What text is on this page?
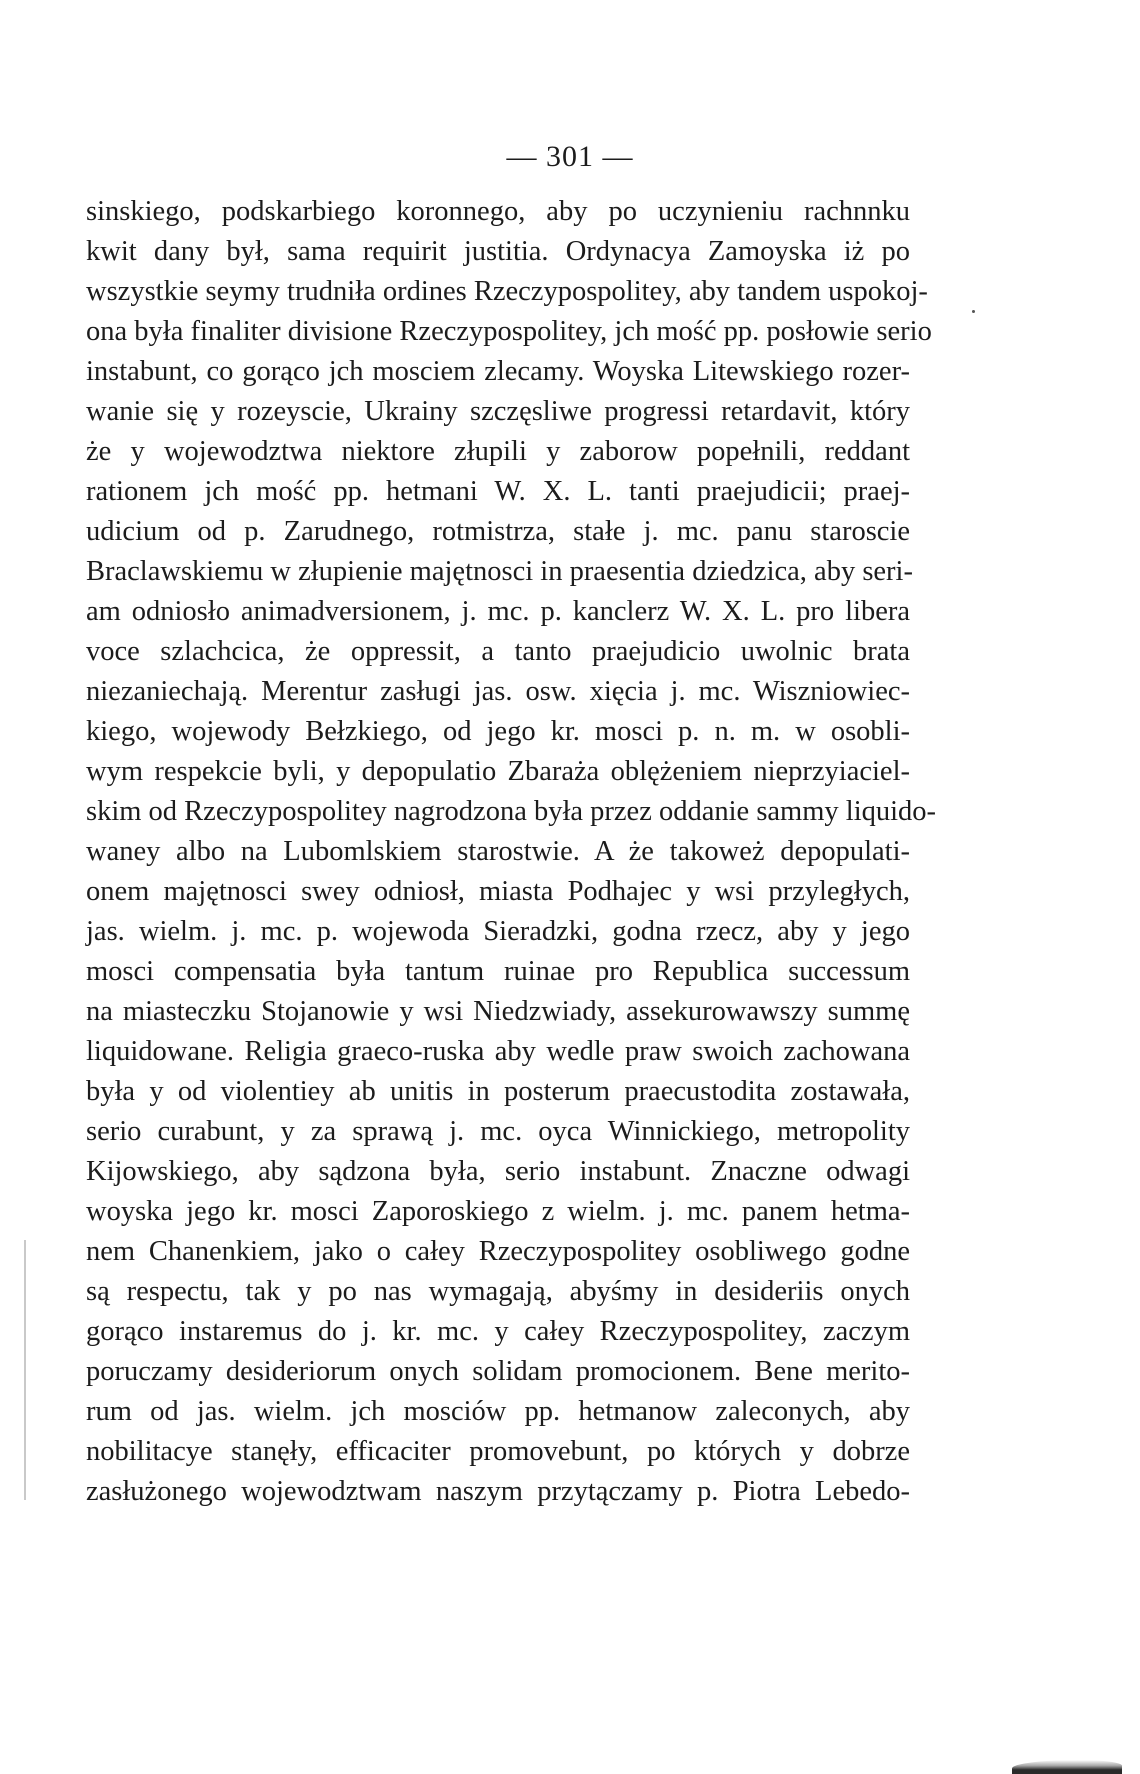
— 301 —
sinskiego, podskarbiego koronnego, aby po uczynieniu rachnnku
kwit dany był, sama requirit justitia. Ordynacya Zamoyska iż po
wszystkie seymy trudniła ordines Rzeczypospolitey, aby tandem uspokoj-
ona była finaliter divisione Rzeczypospolitey, jch mość pp. posłowie serio
instabunt, co gorąco jch mosciem zlecamy. Woyska Litewskiego rozer-
wanie się y rozeyscie, Ukrainy szczęsliwe progressi retardavit, który
że y wojewodztwa niektore złupili y zaborow popełnili, reddant
rationem jch mość pp. hetmani W. X. L. tanti praejudicii; praej-
udicium od p. Zarudnego, rotmistrza, stałe j. mc. panu staroscie
Braclawskiemu w złupienie majętnosci in praesentia dziedzica, aby seri-
am odniosło animadversionem, j. mc. p. kanclerz W. X. L. pro libera
voce szlachcica, że oppressit, a tanto praejudicio uwolnic brata
niezaniechają. Merentur zasługi jas. osw. xięcia j. mc. Wiszniowiec-
kiego, wojewody Bełzkiego, od jego kr. mosci p. n. m. w osobli-
wym respekcie byli, y depopulatio Zbaraża oblężeniem nieprzyiaciel-
skim od Rzeczypospolitey nagrodzona była przez oddanie sammy liquido-
waney albo na Lubomlskiem starostwie. A że takoweż depopulati-
onem majętnosci swey odniosł, miasta Podhajec y wsi przyległych,
jas. wielm. j. mc. p. wojewoda Sieradzki, godna rzecz, aby y jego
mosci compensatia była tantum ruinae pro Republica successum
na miasteczku Stojanowie y wsi Niedzwiady, assekurowawszy summę
liquidowane. Religia graeco-ruska aby wedle praw swoich zachowana
była y od violentiey ab unitis in posterum praecustodita zostawała,
serio curabunt, y za sprawą j. mc. oyca Winnickiego, metropolity
Kijowskiego, aby sądzona była, serio instabunt. Znaczne odwagi
woyska jego kr. mosci Zaporoskiego z wielm. j. mc. panem hetma-
nem Chanenkiem, jako o całey Rzeczypospolitey osobliwego godne
są respectu, tak y po nas wymagają, abyśmy in desideriis onych
gorąco instaremus do j. kr. mc. y całey Rzeczypospolitey, zaczym
poruczamy desideriorum onych solidam promocionem. Bene merito-
rum od jas. wielm. jch mosciów pp. hetmanow zaleconych, aby
nobilitacye stanęły, efficaciter promovebunt, po których y dobrze
zasłużonego wojewodztwam naszym przytączamy p. Piotra Lebedo-
